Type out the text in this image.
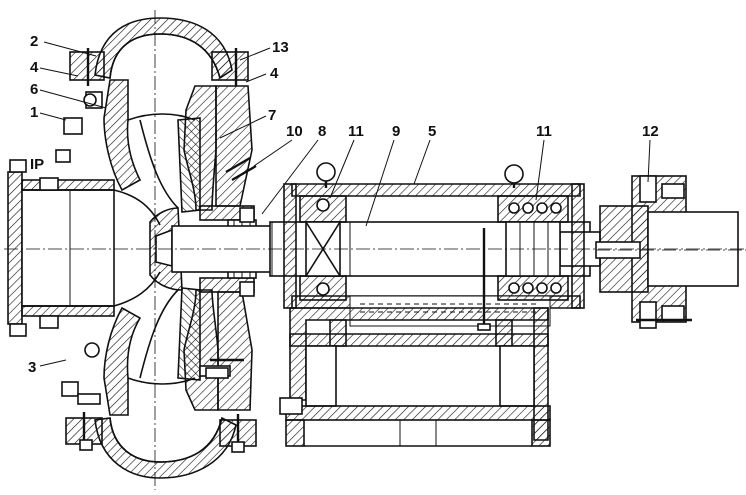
2
4
6
1
IP
3
13
4
7
10 8 11 9 5	11	12
